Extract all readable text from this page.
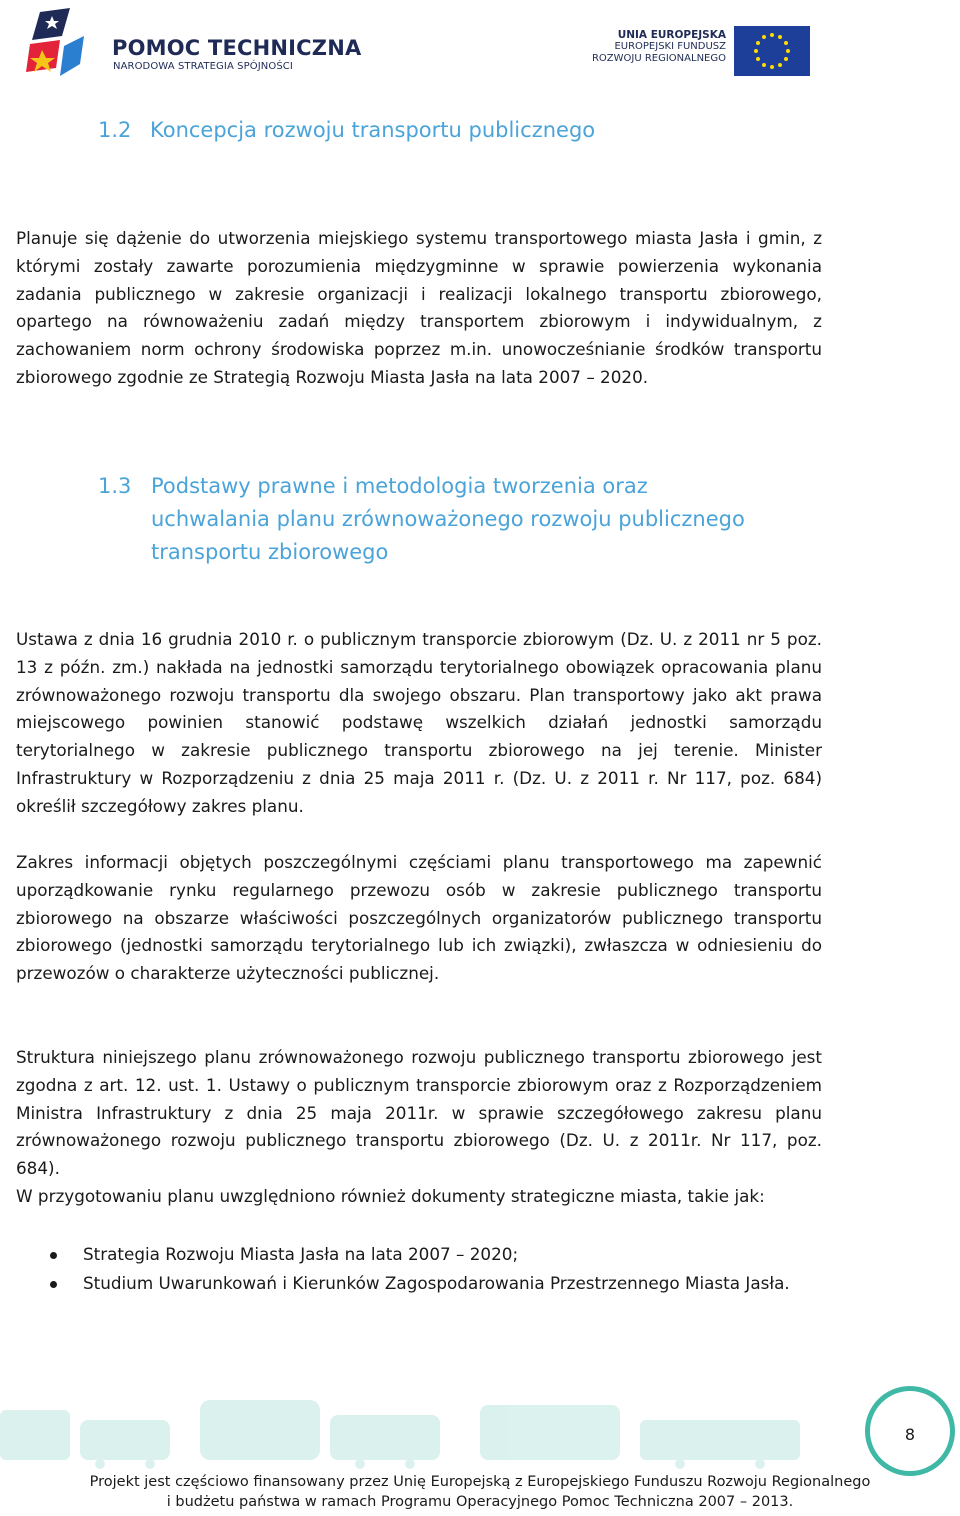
POMOC TECHNICZNA
NARODOWA STRATEGIA SPÓJNOŚCI
UNIA EUROPEJSKA
EUROPEJSKI FUNDUSZ
ROZWOJU REGIONALNEGO
1.2 Koncepcja rozwoju transportu publicznego

Planuje się dążenie do utworzenia miejskiego systemu transportowego miasta Jasła i gmin, z którymi zostały zawarte porozumienia międzygminne w sprawie powierzenia wykonania zadania publicznego w zakresie organizacji i realizacji lokalnego transportu zbiorowego, opartego na równoważeniu zadań między transportem zbiorowym i indywidualnym, z zachowaniem norm ochrony środowiska poprzez m.in. unowocześnianie środków transportu zbiorowego zgodnie ze Strategią Rozwoju Miasta Jasła na lata 2007 – 2020.

1.3 Podstawy prawne i metodologia tworzenia oraz
uchwalania planu zrównoważonego rozwoju publicznego
transportu zbiorowego

Ustawa z dnia 16 grudnia 2010 r. o publicznym transporcie zbiorowym (Dz. U. z 2011 nr 5 poz. 13 z późn. zm.) nakłada na jednostki samorządu terytorialnego obowiązek opracowania planu zrównoważonego rozwoju transportu dla swojego obszaru. Plan transportowy jako akt prawa miejscowego powinien stanowić podstawę wszelkich działań jednostki samorządu terytorialnego w zakresie publicznego transportu zbiorowego na jej terenie. Minister Infrastruktury w Rozporządzeniu z dnia 25 maja 2011 r. (Dz. U. z 2011 r. Nr 117, poz. 684) określił szczegółowy zakres planu.

Zakres informacji objętych poszczególnymi częściami planu transportowego ma zapewnić uporządkowanie rynku regularnego przewozu osób w zakresie publicznego transportu zbiorowego na obszarze właściwości poszczególnych organizatorów publicznego transportu zbiorowego (jednostki samorządu terytorialnego lub ich związki), zwłaszcza w odniesieniu do przewozów o charakterze użyteczności publicznej.

Struktura niniejszego planu zrównoważonego rozwoju publicznego transportu zbiorowego jest zgodna z art. 12. ust. 1. Ustawy o publicznym transporcie zbiorowym oraz z Rozporządzeniem Ministra Infrastruktury z dnia 25 maja 2011r. w sprawie szczegółowego zakresu planu zrównoważonego rozwoju publicznego transportu zbiorowego (Dz. U. z 2011r. Nr 117, poz. 684).

W przygotowaniu planu uwzględniono również dokumenty strategiczne miasta, takie jak:

Strategia Rozwoju Miasta Jasła na lata 2007 – 2020;
Studium Uwarunkowań i Kierunków Zagospodarowania Przestrzennego Miasta Jasła.
8
Projekt jest częściowo finansowany przez Unię Europejską z Europejskiego Funduszu Rozwoju Regionalnego
i budżetu państwa w ramach Programu Operacyjnego Pomoc Techniczna 2007 – 2013.
